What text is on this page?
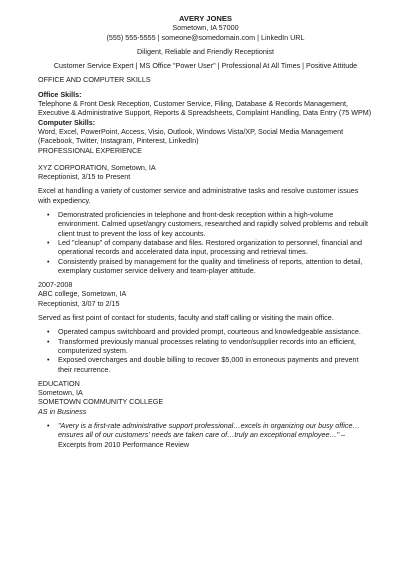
AVERY JONES
Sometown, IA 57000
(555) 555-5555 | someone@somedomain.com | LinkedIn URL
Diligent, Reliable and Friendly Receptionist
Customer Service Expert | MS Office "Power User" | Professional At All Times | Positive Attitude
OFFICE AND COMPUTER SKILLS
Office Skills:

Telephone & Front Desk Reception, Customer Service, Filing, Database & Records Management, Executive & Administrative Support, Reports & Spreadsheets, Complaint Handling, Data Entry (75 WPM)

Computer Skills:

Word, Excel, PowerPoint, Access, Visio, Outlook, Windows Vista/XP, Social Media Management (Facebook, Twitter, Instagram, Pinterest, LinkedIn)

PROFESSIONAL EXPERIENCE
XYZ CORPORATION, Sometown, IA
Receptionist, 3/15 to Present

Excel at handling a variety of customer service and administrative tasks and resolve customer issues with expediency.

• Demonstrated proficiencies in telephone and front-desk reception within a high-volume environment. Calmed upset/angry customers, researched and rapidly solved problems and rebuilt client trust to prevent the loss of key accounts.
• Led "cleanup" of company database and files. Restored organization to personnel, financial and operational records and accelerated data input, processing and retrieval times.
• Consistently praised by management for the quality and timeliness of reports, attention to detail, exemplary customer service delivery and team-player attitude.
2007-2008
ABC college, Sometown, IA
Receptionist, 3/07 to 2/15

Served as first point of contact for students, faculty and staff calling or visiting the main office.

• Operated campus switchboard and provided prompt, courteous and knowledgeable assistance.
• Transformed previously manual processes relating to vendor/supplier records into an efficient, computerized system.
• Exposed overcharges and double billing to recover $5,000 in erroneous payments and prevent their recurrence.
EDUCATION
Sometown, IA
SOMETOWN COMMUNITY COLLEGE
AS in Business
• "Avery is a first-rate administrative support professional…excels in organizing our busy office… ensures all of our customers' needs are taken care of…truly an exceptional employee…" – Excerpts from 2010 Performance Review
